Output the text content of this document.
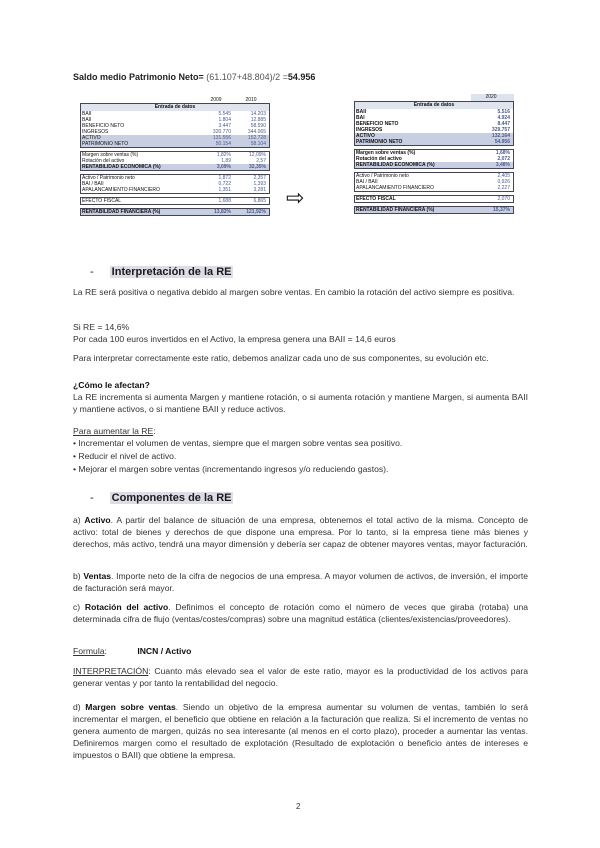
Saldo medio Patrimonio Neto= (61.107+48.804)/2 =54.956
2009	2010
Entrada de datos
BAII	5.545	14.203
BAII	1.804	12.885
BENEFICIO NETO	3.447	58.590
INGRESOS	320.770	344.065
ACTIVO	131.556	152.728
PATRIMONIO NETO	50.154	58.104
Margen sobre ventas (%)	1,82%	12,09%
Rotación del activo	1,89	2,57
RENTABILIDAD ECONÓMICA (%)	3,09%	32,35%
Activo / Patrimonio neto	1,872	2,357
BAI / BAII	0,722	1,393
APALANCAMIENTO FINANCIERO	1,351	3,281
EFECTO FISCAL	1,688	6,865
RENTABILIDAD FINANCIERA (%)	13,82%	121,92%
⇨
2020
Entrada de datos
BAII	5.516
BAI	4.924
BENEFICIO NETO	8.447
INGRESOS	329.757
ACTIVO	132.164
PATRIMONIO NETO	54.956
Margen sobre ventas (%)	1,68%
Rotación del activo	2,072
RENTABILIDAD ECONÓMICA (%)	3,48%
Activo / Patrimonio neto	2,405
BAI / BAII	0,926
APALANCAMIENTO FINANCIERO	2,227
EFECTO FISCAL	2,070
RENTABILIDAD FINANCIERA (%)	15,37%
- Interpretación de la RE
La RE será positiva o negativa debido al margen sobre ventas. En cambio la rotación del activo siempre es positiva.
Si RE = 14,6%
Por cada 100 euros invertidos en el Activo, la empresa genera una BAII = 14,6 euros
Para interpretar correctamente este ratio, debemos analizar cada uno de sus componentes, su evolución etc.
¿Cómo le afectan?
La RE incrementa si aumenta Margen y mantiene rotación, o si aumenta rotación y mantiene Margen, si aumenta BAII y mantiene activos, o si mantiene BAII y reduce activos.
Para aumentar la RE:
• Incrementar el volumen de ventas, siempre que el margen sobre ventas sea positivo.
• Reducir el nivel de activo.
• Mejorar el margen sobre ventas (incrementando ingresos y/o reduciendo gastos).
- Componentes de la RE
a) Activo. A partir del balance de situación de una empresa, obtenemos el total activo de la misma. Concepto de activo: total de bienes y derechos de que dispone una empresa. Por lo tanto, si la empresa tiene más bienes y derechos, más activo, tendrá una mayor dimensión y debería ser capaz de obtener mayores ventas, mayor facturación.
b) Ventas. Importe neto de la cifra de negocios de una empresa. A mayor volumen de activos, de inversión, el importe de facturación será mayor.
c) Rotación del activo. Definimos el concepto de rotación como el número de veces que giraba (rotaba) una determinada cifra de flujo (ventas/costes/compras) sobre una magnitud estática (clientes/existencias/proveedores).
Formula:	INCN / Activo
INTERPRETACIÓN: Cuanto más elevado sea el valor de este ratio, mayor es la productividad de los activos para generar ventas y por tanto la rentabilidad del negocio.
d) Margen sobre ventas. Siendo un objetivo de la empresa aumentar su volumen de ventas, también lo será incrementar el margen, el beneficio que obtiene en relación a la facturación que realiza. Si el incremento de ventas no genera aumento de margen, quizás no sea interesante (al menos en el corto plazo), proceder a aumentar las ventas. Definiremos margen como el resultado de explotación (Resultado de explotación o beneficio antes de intereses e impuestos o BAII) que obtiene la empresa.
2
